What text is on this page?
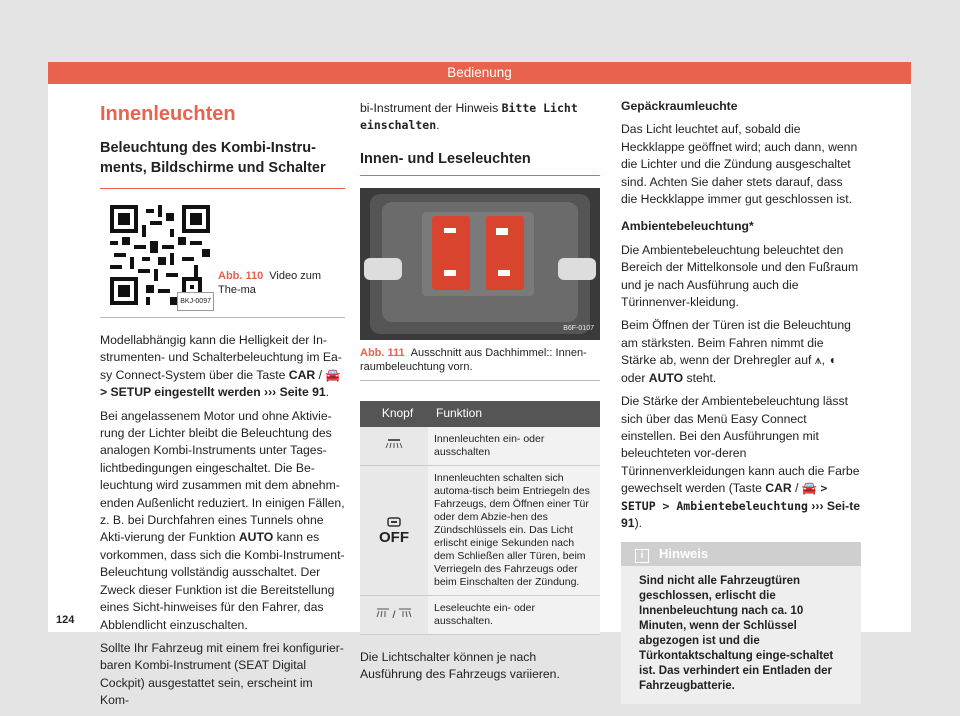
Bedienung
Innenleuchten
Beleuchtung des Kombi-Instru-ments, Bildschirme und Schalter
BKJ-0097
Abb. 110 Video zum The-ma

Modellabhängig kann die Helligkeit der In-strumenten- und Schalterbeleuchtung im Ea-sy Connect-System über die Taste CAR / 🚘 > SETUP eingestellt werden ››› Seite 91.

Bei angelassenem Motor und ohne Aktivie-rung der Lichter bleibt die Beleuchtung des analogen Kombi-Instruments unter Tages-lichtbedingungen eingeschaltet. Die Be-leuchtung wird zusammen mit dem abnehm-enden Außenlicht reduziert. In einigen Fällen, z. B. bei Durchfahren eines Tunnels ohne Akti-vierung der Funktion AUTO kann es vorkommen, dass sich die Kombi-Instrument-Beleuchtung vollständig ausschaltet. Der Zweck dieser Funktion ist die Bereitstellung eines Sicht-hinweises für den Fahrer, das Abblendlicht einzuschalten.

Sollte Ihr Fahrzeug mit einem frei konfigurier-baren Kombi-Instrument (SEAT Digital Cockpit) ausgestattet sein, erscheint im Kom-

bi-Instrument der Hinweis Bitte Licht einschalten.

Innen- und Leseleuchten
B6F-0107
Abb. 111 Ausschnitt aus Dachhimmel:: Innen-raumbeleuchtung vorn.
Knopf	Funktion
	Innenleuchten ein- oder ausschalten

OFF	Innenleuchten schalten sich automa-tisch beim Entriegeln des Fahrzeugs, dem Öffnen einer Tür oder dem Abzie-hen des Zündschlüssels ein. Das Licht erlischt einige Sekunden nach dem Schließen aller Türen, beim Verriegeln des Fahrzeugs oder beim Einschalten der Zündung.
/	Leseleuchte ein- oder ausschalten.

Die Lichtschalter können je nach Ausführung des Fahrzeugs variieren.

Gepäckraumleuchte

Das Licht leuchtet auf, sobald die Heckklappe geöffnet wird; auch dann, wenn die Lichter und die Zündung ausgeschaltet sind. Achten Sie daher stets darauf, dass die Heckklappe immer gut geschlossen ist.

Ambientebeleuchtung*

Die Ambientebeleuchtung beleuchtet den Bereich der Mittelkonsole und den Fußraum und je nach Ausführung auch die Türinnenver-kleidung.

Beim Öffnen der Türen ist die Beleuchtung am stärksten. Beim Fahren nimmt die Stärke ab, wenn der Drehregler auf ⩚, ◖ oder AUTO steht.

Die Stärke der Ambientebeleuchtung lässt sich über das Menü Easy Connect einstellen. Bei den Ausführungen mit beleuchteten vor-deren Türinnenverkleidungen kann auch die Farbe gewechselt werden (Taste CAR / 🚘 > SETUP > Ambientebeleuchtung ››› Sei-te 91).

i Hinweis
Sind nicht alle Fahrzeugtüren geschlossen, erlischt die Innenbeleuchtung nach ca. 10 Minuten, wenn der Schlüssel abgezogen ist und die Türkontaktschaltung einge-schaltet ist. Das verhindert ein Entladen der Fahrzeugbatterie.
124
